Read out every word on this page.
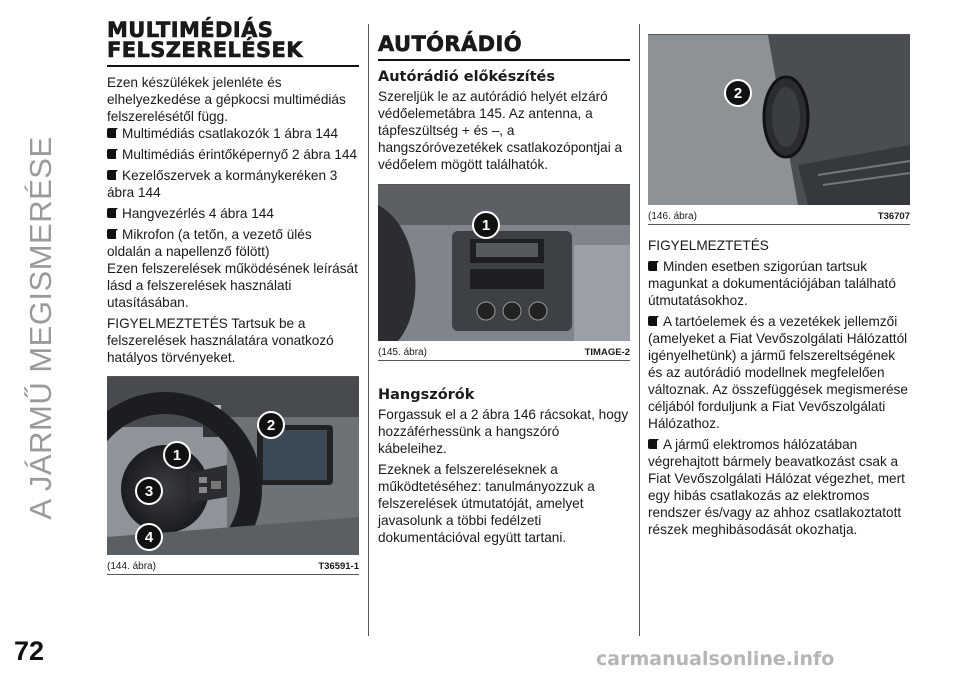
A JÁRMŰ MEGISMERÉSE
72	carmanualsonline.info
MULTIMÉDIÁS FELSZERELÉSEK

Ezen készülékek jelenléte és elhelyezkedése a gépkocsi multimédiás felszerelésétől függ.

Multimédiás csatlakozók 1 ábra 144

Multimédiás érintőképernyő 2 ábra 144

Kezelőszervek a kormánykeréken 3 ábra 144

Hangvezérlés 4 ábra 144

Mikrofon (a tetőn, a vezető ülés oldalán a napellenző fölött)

Ezen felszerelések működésének leírását lásd a felszerelések használati utasításában.

FIGYELMEZTETÉS Tartsuk be a felszerelések használatára vonatkozó hatályos törvényeket.

1
2
3
4
(144. ábra)	T36591-1
AUTÓRÁDIÓ
Autórádió előkészítés

Szereljük le az autórádió helyét elzáró védőelemetábra 145. Az antenna, a tápfeszültség + és –, a hangszóróvezetékek csatlakozópontjai a védőelem mögött találhatók.

1
(145. ábra)	TIMAGE-2
Hangszórók

Forgassuk el a 2 ábra 146 rácsokat, hogy hozzáférhessünk a hangszóró kábeleihez.

Ezeknek a felszereléseknek a működtetéséhez: tanulmányozzuk a felszerelések útmutatóját, amelyet javasolunk a többi fedélzeti dokumentációval együtt tartani.

2
(146. ábra)	T36707

FIGYELMEZTETÉS

Minden esetben szigorúan tartsuk magunkat a dokumentációjában található útmutatásokhoz.

A tartóelemek és a vezetékek jellemzői (amelyeket a Fiat Vevőszolgálati Hálózattól igényelhetünk) a jármű felszereltségének és az autórádió modellnek megfelelően változnak. Az összefüggések megismerése céljából forduljunk a Fiat Vevőszolgálati Hálózathoz.

A jármű elektromos hálózatában végrehajtott bármely beavatkozást csak a Fiat Vevőszolgálati Hálózat végezhet, mert egy hibás csatlakozás az elektromos rendszer és/vagy az ahhoz csatlakoztatott részek meghibásodását okozhatja.
